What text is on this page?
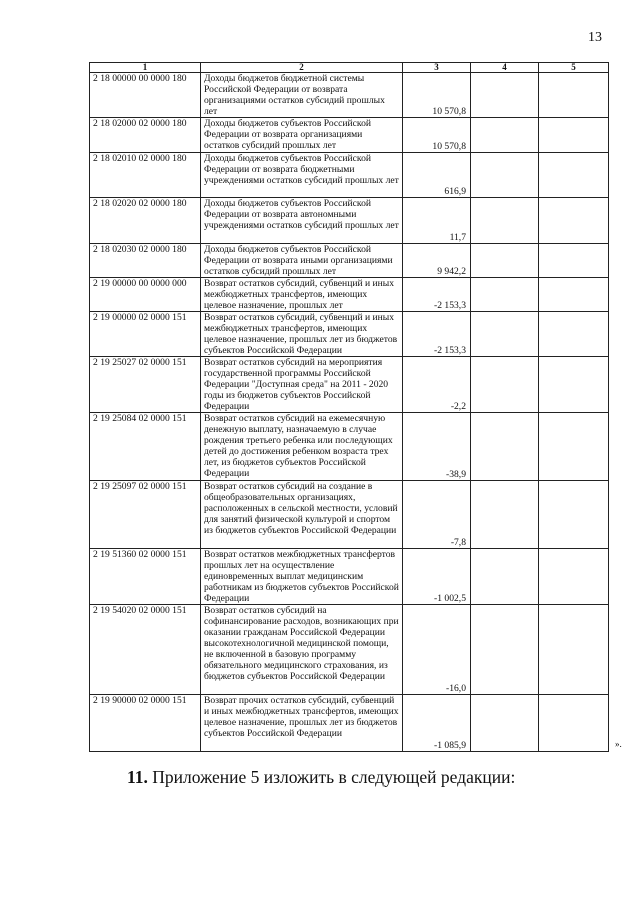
13
1	2	3	4	5
2 18 00000 00 0000 180	Доходы бюджетов бюджетной системы Российской Федерации от возврата организациями остатков субсидий прошлых лет	10 570,8		
2 18 02000 02 0000 180	Доходы бюджетов субъектов Российской Федерации от возврата организациями остатков субсидий прошлых лет	10 570,8		
2 18 02010 02 0000 180	Доходы бюджетов субъектов Российской Федерации от возврата бюджетными учреждениями остатков субсидий прошлых лет	616,9		
2 18 02020 02 0000 180	Доходы бюджетов субъектов Российской Федерации от возврата автономными учреждениями остатков субсидий прошлых лет	11,7		
2 18 02030 02 0000 180	Доходы бюджетов субъектов Российской Федерации от возврата иными организациями остатков субсидий прошлых лет	9 942,2		
2 19 00000 00 0000 000	Возврат остатков субсидий, субвенций и иных межбюджетных трансфертов, имеющих целевое назначение, прошлых лет	-2 153,3		
2 19 00000 02 0000 151	Возврат остатков субсидий, субвенций и иных межбюджетных трансфертов, имеющих целевое назначение, прошлых лет из бюджетов субъектов Российской Федерации	-2 153,3		
2 19 25027 02 0000 151	Возврат остатков субсидий на мероприятия государственной программы Российской Федерации "Доступная среда" на 2011 - 2020 годы из бюджетов субъектов Российской Федерации	-2,2		
2 19 25084 02 0000 151	Возврат остатков субсидий на ежемесячную денежную выплату, назначаемую в случае рождения третьего ребенка или последующих детей до достижения ребенком возраста трех лет, из бюджетов субъектов Российской Федерации	-38,9		
2 19 25097 02 0000 151	Возврат остатков субсидий на создание в общеобразовательных организациях, расположенных в сельской местности, условий для занятий физической культурой и спортом из бюджетов субъектов Российской Федерации	-7,8		
2 19 51360 02 0000 151	Возврат остатков межбюджетных трансфертов прошлых лет на осуществление единовременных выплат медицинским работникам из бюджетов субъектов Российской Федерации	-1 002,5		
2 19 54020 02 0000 151	Возврат остатков субсидий на софинансирование расходов, возникающих при оказании гражданам Российской Федерации высокотехнологичной медицинской помощи, не включенной в базовую программу обязательного медицинского страхования, из бюджетов субъектов Российской Федерации	-16,0		
2 19 90000 02 0000 151	Возврат прочих остатков субсидий, субвенций и иных межбюджетных трансфертов, имеющих целевое назначение, прошлых лет из бюджетов субъектов Российской Федерации	-1 085,9			».
11. Приложение 5 изложить в следующей редакции:
